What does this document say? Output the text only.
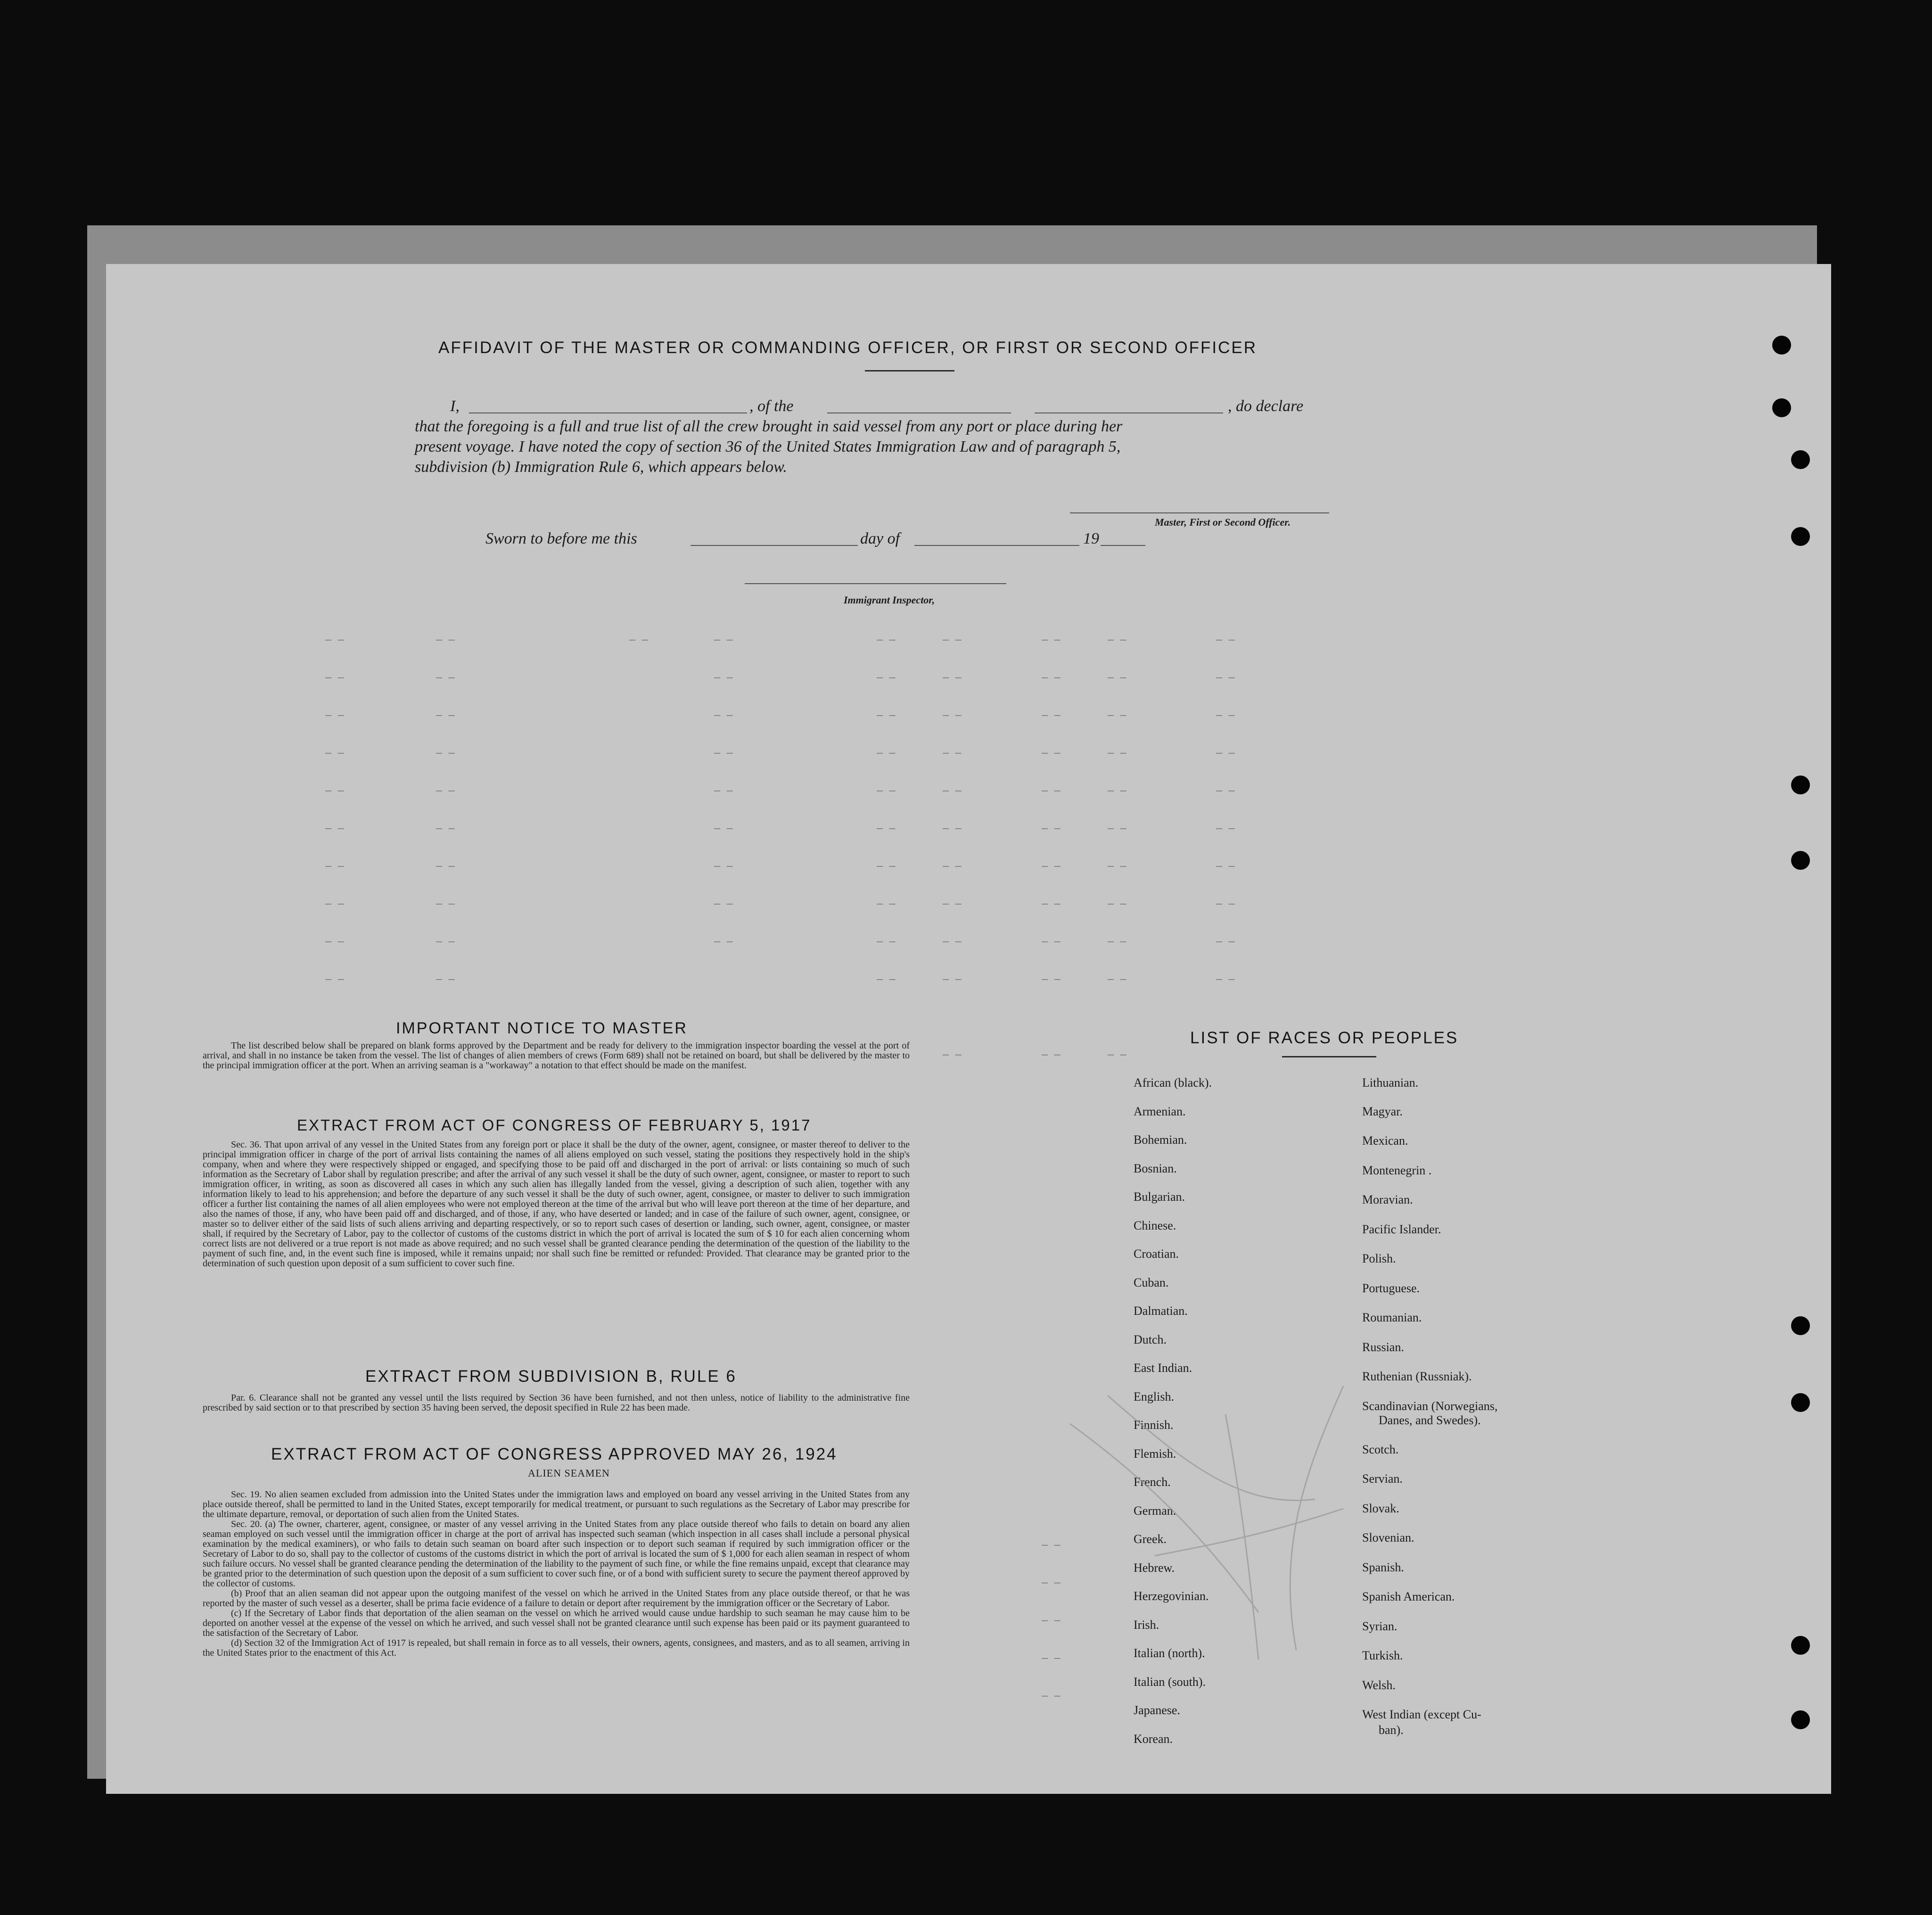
– –	– –	– –	– –	– –	– –	– –	– –	– –
– –	– –	– –	– –	– –	– –	– –	– –
– –	– –	– –	– –	– –	– –	– –	– –
– –	– –	– –	– –	– –	– –	– –	– –
– –	– –	– –	– –	– –	– –	– –	– –
– –	– –	– –	– –	– –	– –	– –	– –
– –	– –	– –	– –	– –	– –	– –	– –
– –	– –	– –	– –	– –	– –	– –	– –
– –	– –	– –	– –	– –	– –	– –	– –
– –	– –	– –	– –	– –	– –	– –
– –	– –	– –
– –
– –
– –
– –
– –
AFFIDAVIT OF THE MASTER OR COMMANDING OFFICER, OR FIRST OR SECOND OFFICER
I,	, of the	, do declare
that the foregoing is a full and true list of all the crew brought in said vessel from any port or place during her
present voyage. I have noted the copy of section 36 of the United States Immigration Law and of paragraph 5,
subdivision (b) Immigration Rule 6, which appears below.
Master, First or Second Officer.
Sworn to before me this	day of	19
Immigrant Inspector,
IMPORTANT NOTICE TO MASTER

The list described below shall be prepared on blank forms approved by the Department and be ready for delivery to the immigration inspector boarding the vessel at the port of arrival, and shall in no instance be taken from the vessel. The list of changes of alien members of crews (Form 689) shall not be retained on board, but shall be delivered by the master to the principal immigration officer at the port. When an arriving seaman is a "workaway" a notation to that effect should be made on the manifest.

EXTRACT FROM ACT OF CONGRESS OF FEBRUARY 5, 1917

Sec. 36. That upon arrival of any vessel in the United States from any foreign port or place it shall be the duty of the owner, agent, consignee, or master thereof to deliver to the principal immigration officer in charge of the port of arrival lists containing the names of all aliens employed on such vessel, stating the positions they respectively hold in the ship's company, when and where they were respectively shipped or engaged, and specifying those to be paid off and discharged in the port of arrival: or lists containing so much of such information as the Secretary of Labor shall by regulation prescribe; and after the arrival of any such vessel it shall be the duty of such owner, agent, consignee, or master to report to such immigration officer, in writing, as soon as discovered all cases in which any such alien has illegally landed from the vessel, giving a description of such alien, together with any information likely to lead to his apprehension; and before the departure of any such vessel it shall be the duty of such owner, agent, consignee, or master to deliver to such immigration officer a further list containing the names of all alien employees who were not employed thereon at the time of the arrival but who will leave port thereon at the time of her departure, and also the names of those, if any, who have been paid off and discharged, and of those, if any, who have deserted or landed; and in case of the failure of such owner, agent, consignee, or master so to deliver either of the said lists of such aliens arriving and departing respectively, or so to report such cases of desertion or landing, such owner, agent, consignee, or master shall, if required by the Secretary of Labor, pay to the collector of customs of the customs district in which the port of arrival is located the sum of $ 10 for each alien concerning whom correct lists are not delivered or a true report is not made as above required; and no such vessel shall be granted clearance pending the determination of the question of the liability to the payment of such fine, and, in the event such fine is imposed, while it remains unpaid; nor shall such fine be remitted or refunded: Provided. That clearance may be granted prior to the determination of such question upon deposit of a sum sufficient to cover such fine.

EXTRACT FROM SUBDIVISION B, RULE 6

Par. 6. Clearance shall not be granted any vessel until the lists required by Section 36 have been furnished, and not then unless, notice of liability to the administrative fine prescribed by said section or to that prescribed by section 35 having been served, the deposit specified in Rule 22 has been made.

EXTRACT FROM ACT OF CONGRESS APPROVED MAY 26, 1924
ALIEN SEAMEN

Sec. 19. No alien seamen excluded from admission into the United States under the immigration laws and employed on board any vessel arriving in the United States from any place outside thereof, shall be permitted to land in the United States, except temporarily for medical treatment, or pursuant to such regulations as the Secretary of Labor may prescribe for the ultimate departure, removal, or deportation of such alien from the United States.

Sec. 20. (a) The owner, charterer, agent, consignee, or master of any vessel arriving in the United States from any place outside thereof who fails to detain on board any alien seaman employed on such vessel until the immigration officer in charge at the port of arrival has inspected such seaman (which inspection in all cases shall include a personal physical examination by the medical examiners), or who fails to detain such seaman on board after such inspection or to deport such seaman if required by such immigration officer or the Secretary of Labor to do so, shall pay to the collector of customs of the customs district in which the port of arrival is located the sum of $ 1,000 for each alien seaman in respect of whom such failure occurs. No vessel shall be granted clearance pending the determination of the liability to the payment of such fine, or while the fine remains unpaid, except that clearance may be granted prior to the determination of such question upon the deposit of a sum sufficient to cover such fine, or of a bond with sufficient surety to secure the payment thereof approved by the collector of customs.

(b) Proof that an alien seaman did not appear upon the outgoing manifest of the vessel on which he arrived in the United States from any place outside thereof, or that he was reported by the master of such vessel as a deserter, shall be prima facie evidence of a failure to detain or deport after requirement by the immigration officer or the Secretary of Labor.

(c) If the Secretary of Labor finds that deportation of the alien seaman on the vessel on which he arrived would cause undue hardship to such seaman he may cause him to be deported on another vessel at the expense of the vessel on which he arrived, and such vessel shall not be granted clearance until such expense has been paid or its payment guaranteed to the satisfaction of the Secretary of Labor.

(d) Section 32 of the Immigration Act of 1917 is repealed, but shall remain in force as to all vessels, their owners, agents, consignees, and masters, and as to all seamen, arriving in the United States prior to the enactment of this Act.

LIST OF RACES OR PEOPLES
African (black).
Armenian.
Bohemian.
Bosnian.
Bulgarian.
Chinese.
Croatian.
Cuban.
Dalmatian.
Dutch.
East Indian.
English.
Finnish.
Flemish.
French.
German.
Greek.
Hebrew.
Herzegovinian.
Irish.
Italian (north).
Italian (south).
Japanese.
Korean.
Lithuanian.
Magyar.
Mexican.
Montenegrin .
Moravian.
Pacific Islander.
Polish.
Portuguese.
Roumanian.
Russian.
Ruthenian (Russniak).
Scandinavian (Norwegians,
Danes, and Swedes).
Scotch.
Servian.
Slovak.
Slovenian.
Spanish.
Spanish American.
Syrian.
Turkish.
Welsh.
West Indian (except Cu-
ban).
